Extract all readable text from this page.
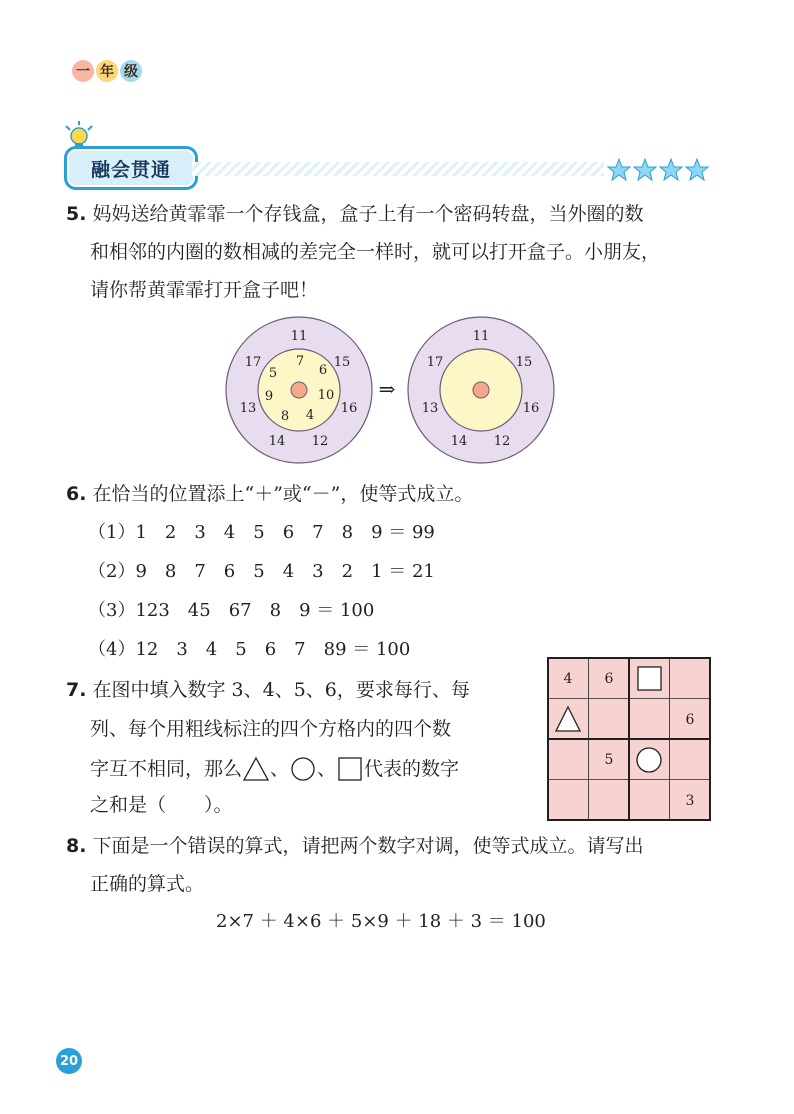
一 年 级
融会贯通
5. 妈妈送给黄霏霏一个存钱盒，盒子上有一个密码转盘，当外圈的数
和相邻的内圈的数相减的差完全一样时，就可以打开盒子。小朋友，
请你帮黄霏霏打开盒子吧！
11
15
16
12
14
13
17	7
6
10
4
8
9
5
⇒
11
15
16
12
14
13
17
6. 在恰当的位置添上“＋”或“－”，使等式成立。
（1）1　2　3　4　5　6　7　8　9 ＝ 99
（2）9　8　7　6　5　4　3　2　1 ＝ 21
（3）123　45　67　8　9 ＝ 100
（4）12　3　4　5　6　7　89 ＝ 100
7. 在图中填入数字 3、4、5、6，要求每行、每
列、每个用粗线标注的四个方格内的四个数
字互不相同，那么 、 、 代表的数字
之和是（　　）。
4 6
6
5
3
8. 下面是一个错误的算式，请把两个数字对调，使等式成立。请写出
正确的算式。
2×7 ＋ 4×6 ＋ 5×9 ＋ 18 ＋ 3 ＝ 100
20
